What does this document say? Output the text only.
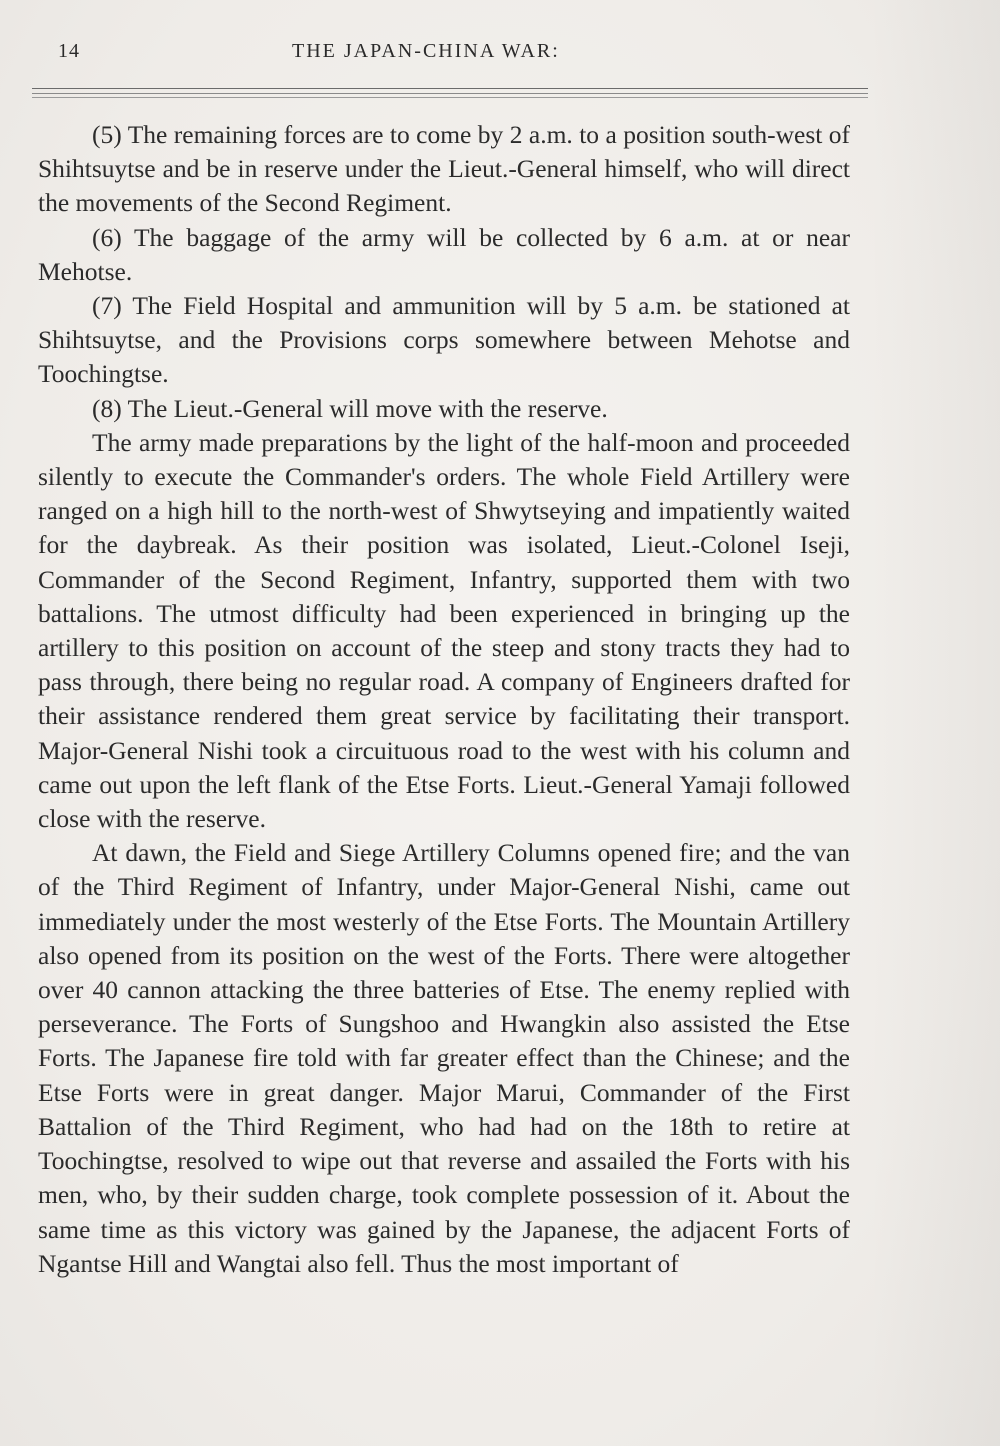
14	THE JAPAN-CHINA WAR:

(5) The remaining forces are to come by 2 a.m. to a position south-west of Shihtsuytse and be in reserve under the Lieut.-General himself, who will direct the movements of the Second Regiment.

(6) The baggage of the army will be collected by 6 a.m. at or near Mehotse.

(7) The Field Hospital and ammunition will by 5 a.m. be stationed at Shihtsuytse, and the Provisions corps somewhere between Mehotse and Toochingtse.

(8) The Lieut.-General will move with the reserve.

The army made preparations by the light of the half-moon and proceeded silently to execute the Commander's orders. The whole Field Artillery were ranged on a high hill to the north-west of Shwytseying and impatiently waited for the daybreak. As their position was isolated, Lieut.-Colonel Iseji, Commander of the Second Regiment, Infantry, supported them with two battalions. The utmost difficulty had been experienced in bringing up the artillery to this position on account of the steep and stony tracts they had to pass through, there being no regular road. A company of Engineers drafted for their assistance rendered them great service by facilitating their transport. Major-General Nishi took a circuituous road to the west with his column and came out upon the left flank of the Etse Forts. Lieut.-General Yamaji followed close with the reserve.

At dawn, the Field and Siege Artillery Columns opened fire; and the van of the Third Regiment of Infantry, under Major-General Nishi, came out immediately under the most westerly of the Etse Forts. The Mountain Artillery also opened from its position on the west of the Forts. There were altogether over 40 cannon attacking the three batteries of Etse. The enemy replied with perseverance. The Forts of Sungshoo and Hwangkin also assisted the Etse Forts. The Japanese fire told with far greater effect than the Chinese; and the Etse Forts were in great danger. Major Marui, Commander of the First Battalion of the Third Regiment, who had had on the 18th to retire at Toochingtse, resolved to wipe out that reverse and assailed the Forts with his men, who, by their sudden charge, took complete possession of it. About the same time as this victory was gained by the Japanese, the adjacent Forts of Ngantse Hill and Wangtai also fell. Thus the most important of
